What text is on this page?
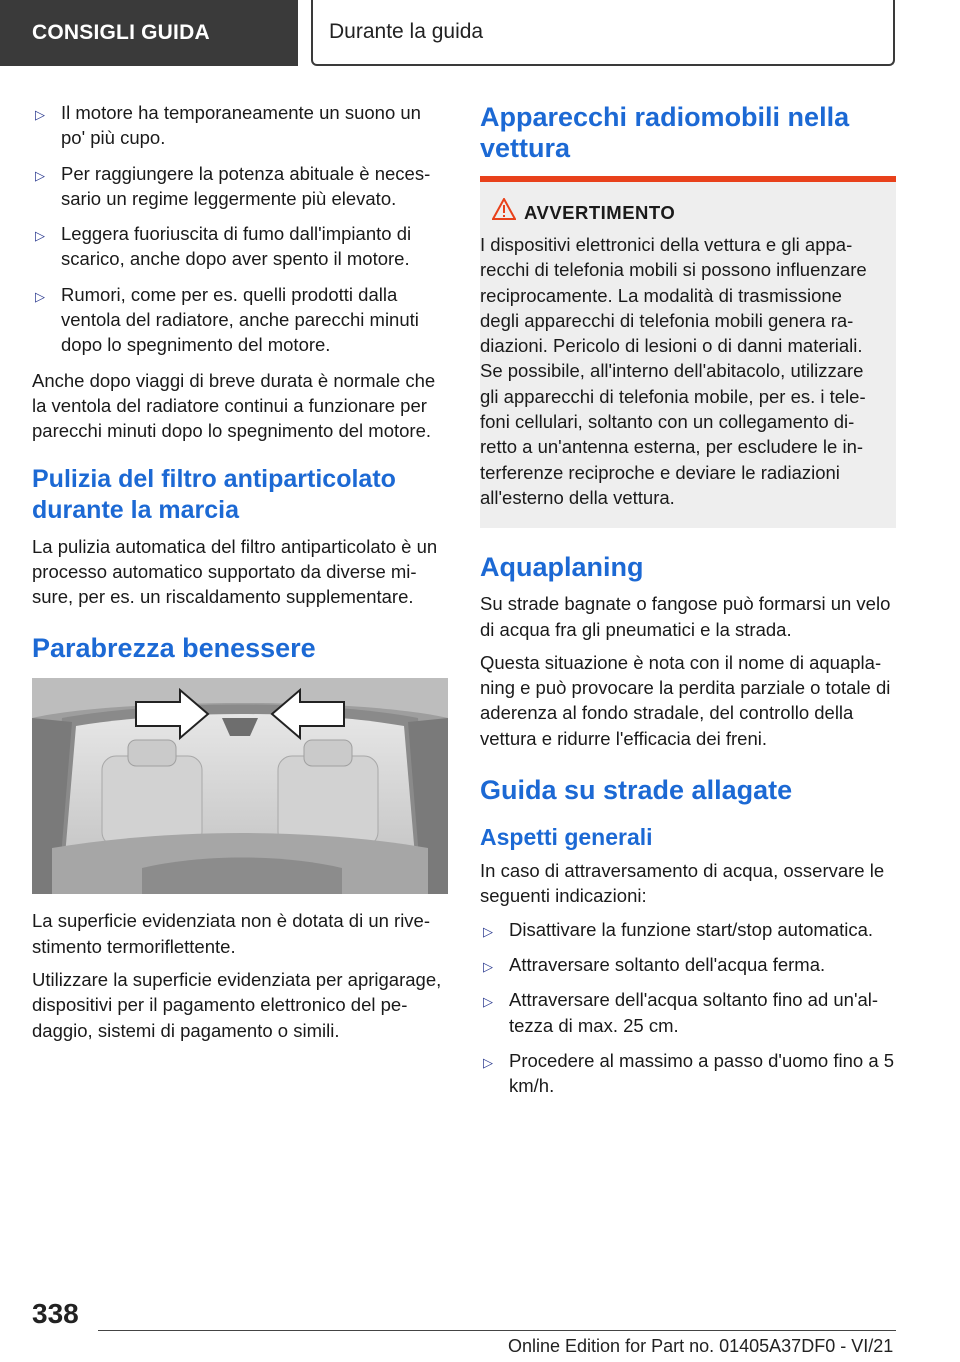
CONSIGLI GUIDA	Durante la guida
▷ Il motore ha temporaneamente un suono un po' più cupo.
▷ Per raggiungere la potenza abituale è necessario un regime leggermente più elevato.
▷ Leggera fuoriuscita di fumo dall'impianto di scarico, anche dopo aver spento il motore.
▷ Rumori, come per es. quelli prodotti dalla ventola del radiatore, anche parecchi minuti dopo lo spegnimento del motore.

Anche dopo viaggi di breve durata è normale che la ventola del radiatore continui a funzionare per parecchi minuti dopo lo spegnimento del motore.

Pulizia del filtro antiparticolato durante la marcia

La pulizia automatica del filtro antiparticolato è un processo automatico supportato da diverse misure, per es. un riscaldamento supplementare.

Parabrezza benessere

La superficie evidenziata non è dotata di un rivestimento termoriflettente.

Utilizzare la superficie evidenziata per aprigarage, dispositivi per il pagamento elettronico del pedaggio, sistemi di pagamento o simili.

Apparecchi radiomobili nella vettura
AVVERTIMENTO

I dispositivi elettronici della vettura e gli apparecchi di telefonia mobili si possono influenzare reciprocamente. La modalità di trasmissione degli apparecchi di telefonia mobili genera radiazioni. Pericolo di lesioni o di danni materiali. Se possibile, all'interno dell'abitacolo, utilizzare gli apparecchi di telefonia mobile, per es. i telefoni cellulari, soltanto con un collegamento diretto a un'antenna esterna, per escludere le interferenze reciproche e deviare le radiazioni all'esterno della vettura.

Aquaplaning

Su strade bagnate o fangose può formarsi un velo di acqua fra gli pneumatici e la strada.

Questa situazione è nota con il nome di aquaplaning e può provocare la perdita parziale o totale di aderenza al fondo stradale, del controllo della vettura e ridurre l'efficacia dei freni.

Guida su strade allagate
Aspetti generali

In caso di attraversamento di acqua, osservare le seguenti indicazioni:

▷ Disattivare la funzione start/stop automatica.
▷ Attraversare soltanto dell'acqua ferma.
▷ Attraversare dell'acqua soltanto fino ad un'altezza di max. 25 cm.
▷ Procedere al massimo a passo d'uomo fino a 5 km/h.
338
Online Edition for Part no. 01405A37DF0 - VI/21
